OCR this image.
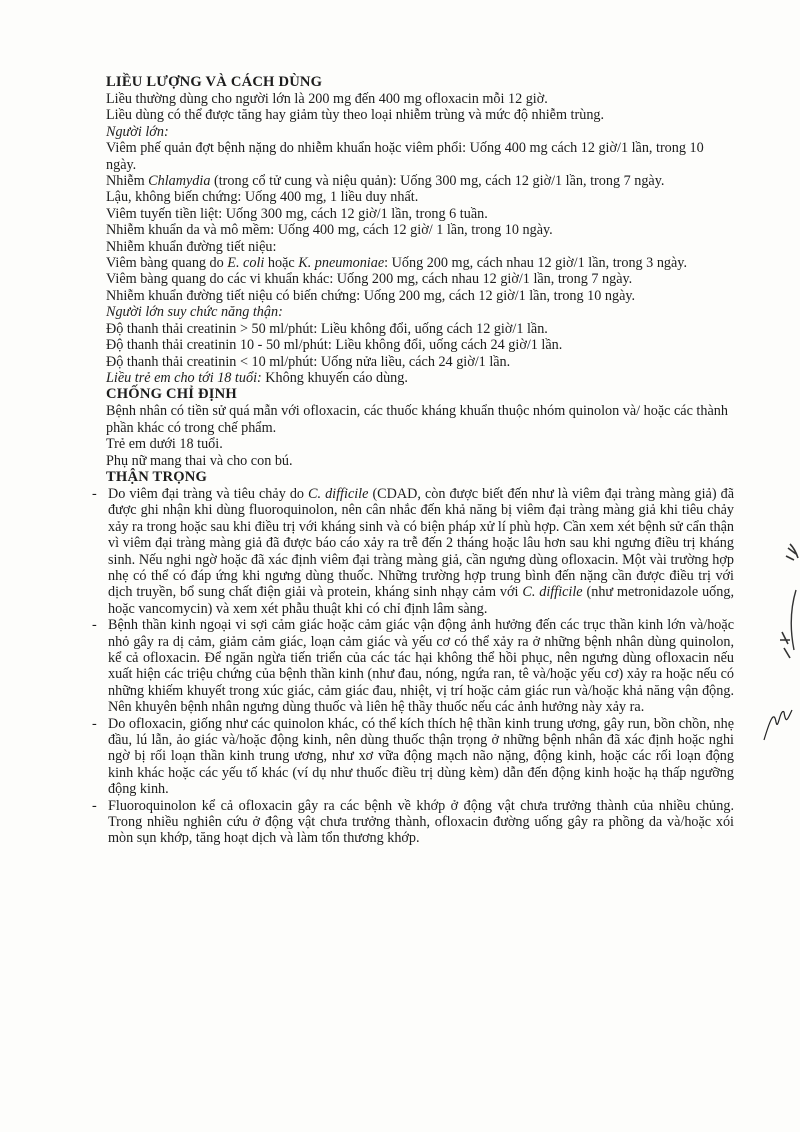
LIỀU LƯỢNG VÀ CÁCH DÙNG

Liều thường dùng cho người lớn là 200 mg đến 400 mg ofloxacin mỗi 12 giờ.

Liều dùng có thể được tăng hay giảm tùy theo loại nhiễm trùng và mức độ nhiễm trùng.

Người lớn:

Viêm phế quản đợt bệnh nặng do nhiễm khuẩn hoặc viêm phổi: Uống 400 mg cách 12 giờ/1 lần, trong 10 ngày.

Nhiễm Chlamydia (trong cổ tử cung và niệu quản): Uống 300 mg, cách 12 giờ/1 lần, trong 7 ngày.

Lậu, không biến chứng: Uống 400 mg, 1 liều duy nhất.

Viêm tuyến tiền liệt: Uống 300 mg, cách 12 giờ/1 lần, trong 6 tuần.

Nhiễm khuẩn da và mô mềm: Uống 400 mg, cách 12 giờ/ 1 lần, trong 10 ngày.

Nhiễm khuẩn đường tiết niệu:

Viêm bàng quang do E. coli hoặc K. pneumoniae: Uống 200 mg, cách nhau 12 giờ/1 lần, trong 3 ngày.

Viêm bàng quang do các vi khuẩn khác: Uống 200 mg, cách nhau 12 giờ/1 lần, trong 7 ngày.

Nhiễm khuẩn đường tiết niệu có biến chứng: Uống 200 mg, cách 12 giờ/1 lần, trong 10 ngày.

Người lớn suy chức năng thận:

Độ thanh thải creatinin > 50 ml/phút: Liều không đổi, uống cách 12 giờ/1 lần.

Độ thanh thải creatinin 10 - 50 ml/phút: Liều không đổi, uống cách 24 giờ/1 lần.

Độ thanh thải creatinin < 10 ml/phút: Uống nửa liều, cách 24 giờ/1 lần.

Liều trẻ em cho tới 18 tuổi: Không khuyến cáo dùng.

CHỐNG CHỈ ĐỊNH

Bệnh nhân có tiền sử quá mẫn với ofloxacin, các thuốc kháng khuẩn thuộc nhóm quinolon và/ hoặc các thành phần khác có trong chế phẩm.

Trẻ em dưới 18 tuổi.

Phụ nữ mang thai và cho con bú.

THẬN TRỌNG
- Do viêm đại tràng và tiêu chảy do C. difficile (CDAD, còn được biết đến như là viêm đại tràng màng giả) đã được ghi nhận khi dùng fluoroquinolon, nên cân nhắc đến khả năng bị viêm đại tràng màng giả khi tiêu chảy xảy ra trong hoặc sau khi điều trị với kháng sinh và có biện pháp xử lí phù hợp. Cần xem xét bệnh sử cẩn thận vì viêm đại tràng màng giả đã được báo cáo xảy ra trễ đến 2 tháng hoặc lâu hơn sau khi ngưng điều trị kháng sinh. Nếu nghi ngờ hoặc đã xác định viêm đại tràng màng giả, cần ngưng dùng ofloxacin. Một vài trường hợp nhẹ có thể có đáp ứng khi ngưng dùng thuốc. Những trường hợp trung bình đến nặng cần được điều trị với dịch truyền, bổ sung chất điện giải và protein, kháng sinh nhạy cảm với C. difficile (như metronidazole uống, hoặc vancomycin) và xem xét phẫu thuật khi có chỉ định lâm sàng.
- Bệnh thần kinh ngoại vi sợi cảm giác hoặc cảm giác vận động ảnh hưởng đến các trục thần kinh lớn và/hoặc nhỏ gây ra dị cảm, giảm cảm giác, loạn cảm giác và yếu cơ có thể xảy ra ở những bệnh nhân dùng quinolon, kể cả ofloxacin. Để ngăn ngừa tiến triển của các tác hại không thể hồi phục, nên ngưng dùng ofloxacin nếu xuất hiện các triệu chứng của bệnh thần kinh (như đau, nóng, ngứa ran, tê và/hoặc yếu cơ) xảy ra hoặc nếu có những khiếm khuyết trong xúc giác, cảm giác đau, nhiệt, vị trí hoặc cảm giác run và/hoặc khả năng vận động. Nên khuyên bệnh nhân ngưng dùng thuốc và liên hệ thầy thuốc nếu các ảnh hưởng này xảy ra.
- Do ofloxacin, giống như các quinolon khác, có thể kích thích hệ thần kinh trung ương, gây run, bồn chồn, nhẹ đầu, lú lẫn, ảo giác và/hoặc động kinh, nên dùng thuốc thận trọng ở những bệnh nhân đã xác định hoặc nghi ngờ bị rối loạn thần kinh trung ương, như xơ vữa động mạch não nặng, động kinh, hoặc các rối loạn động kinh khác hoặc các yếu tố khác (ví dụ như thuốc điều trị dùng kèm) dẫn đến động kinh hoặc hạ thấp ngưỡng động kinh.
- Fluoroquinolon kể cả ofloxacin gây ra các bệnh về khớp ở động vật chưa trưởng thành của nhiều chủng. Trong nhiều nghiên cứu ở động vật chưa trưởng thành, ofloxacin đường uống gây ra phồng da và/hoặc xói mòn sụn khớp, tăng hoạt dịch và làm tổn thương khớp.
